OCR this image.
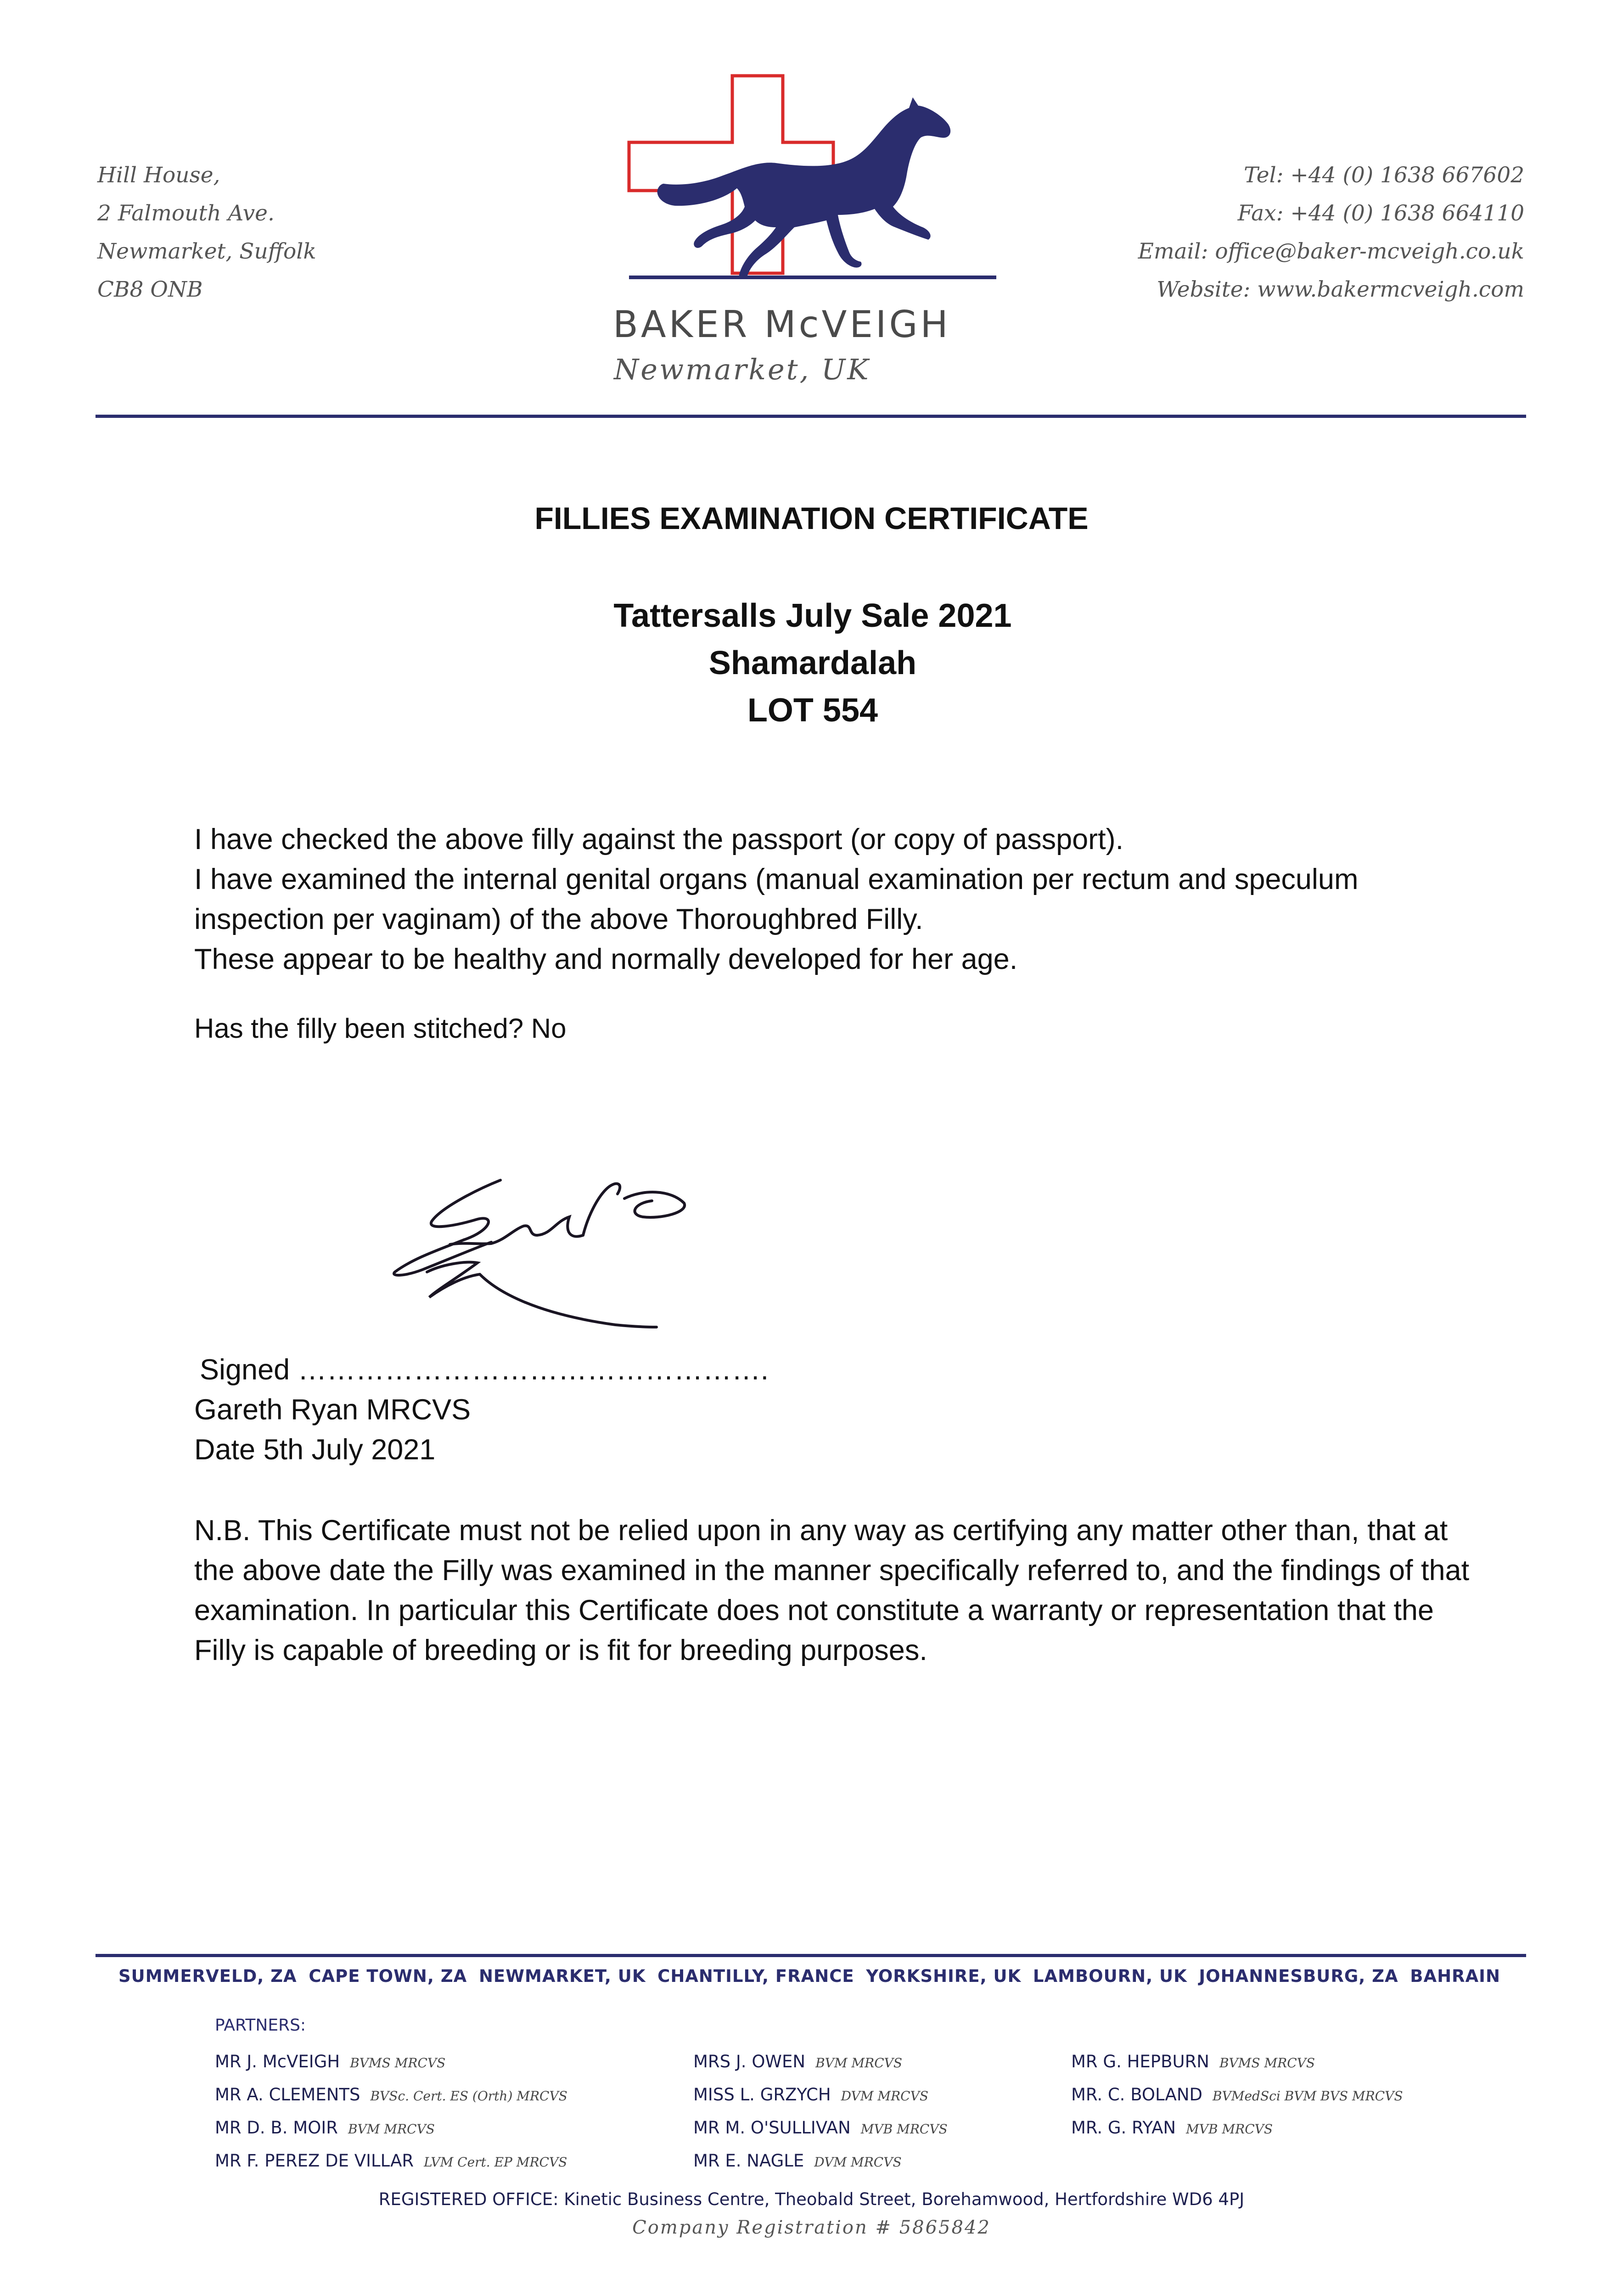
Hill House,
2 Falmouth Ave.
Newmarket, Suffolk
CB8 ONB
BAKER McVEIGH
Newmarket, UK
Tel: +44 (0) 1638 667602
Fax: +44 (0) 1638 664110
Email: office@baker-mcveigh.co.uk
Website: www.bakermcveigh.com
FILLIES EXAMINATION CERTIFICATE
Tattersalls July Sale 2021
Shamardalah
LOT 554
I have checked the above filly against the passport (or copy of passport).
I have examined the internal genital organs (manual examination per rectum and speculum inspection per vaginam) of the above Thoroughbred Filly.
These appear to be healthy and normally developed for her age.
Has the filly been stitched? No
Signed ………………………………………….
Gareth Ryan MRCVS
Date 5th July 2021
N.B. This Certificate must not be relied upon in any way as certifying any matter other than, that at the above date the Filly was examined in the manner specifically referred to, and the findings of that examination. In particular this Certificate does not constitute a warranty or representation that the Filly is capable of breeding or is fit for breeding purposes.
SUMMERVELD, ZA CAPE TOWN, ZA NEWMARKET, UK CHANTILLY, FRANCE YORKSHIRE, UK LAMBOURN, UK JOHANNESBURG, ZA BAHRAIN
PARTNERS:
MR J. McVEIGH BVMS MRCVS
MR A. CLEMENTS BVSc. Cert. ES (Orth) MRCVS
MR D. B. MOIR BVM MRCVS
MR F. PEREZ DE VILLAR LVM Cert. EP MRCVS
MRS J. OWEN BVM MRCVS
MISS L. GRZYCH DVM MRCVS
MR M. O'SULLIVAN MVB MRCVS
MR E. NAGLE DVM MRCVS
MR G. HEPBURN BVMS MRCVS
MR. C. BOLAND BVMedSci BVM BVS MRCVS
MR. G. RYAN MVB MRCVS
REGISTERED OFFICE: Kinetic Business Centre, Theobald Street, Borehamwood, Hertfordshire WD6 4PJ
Company Registration # 5865842
